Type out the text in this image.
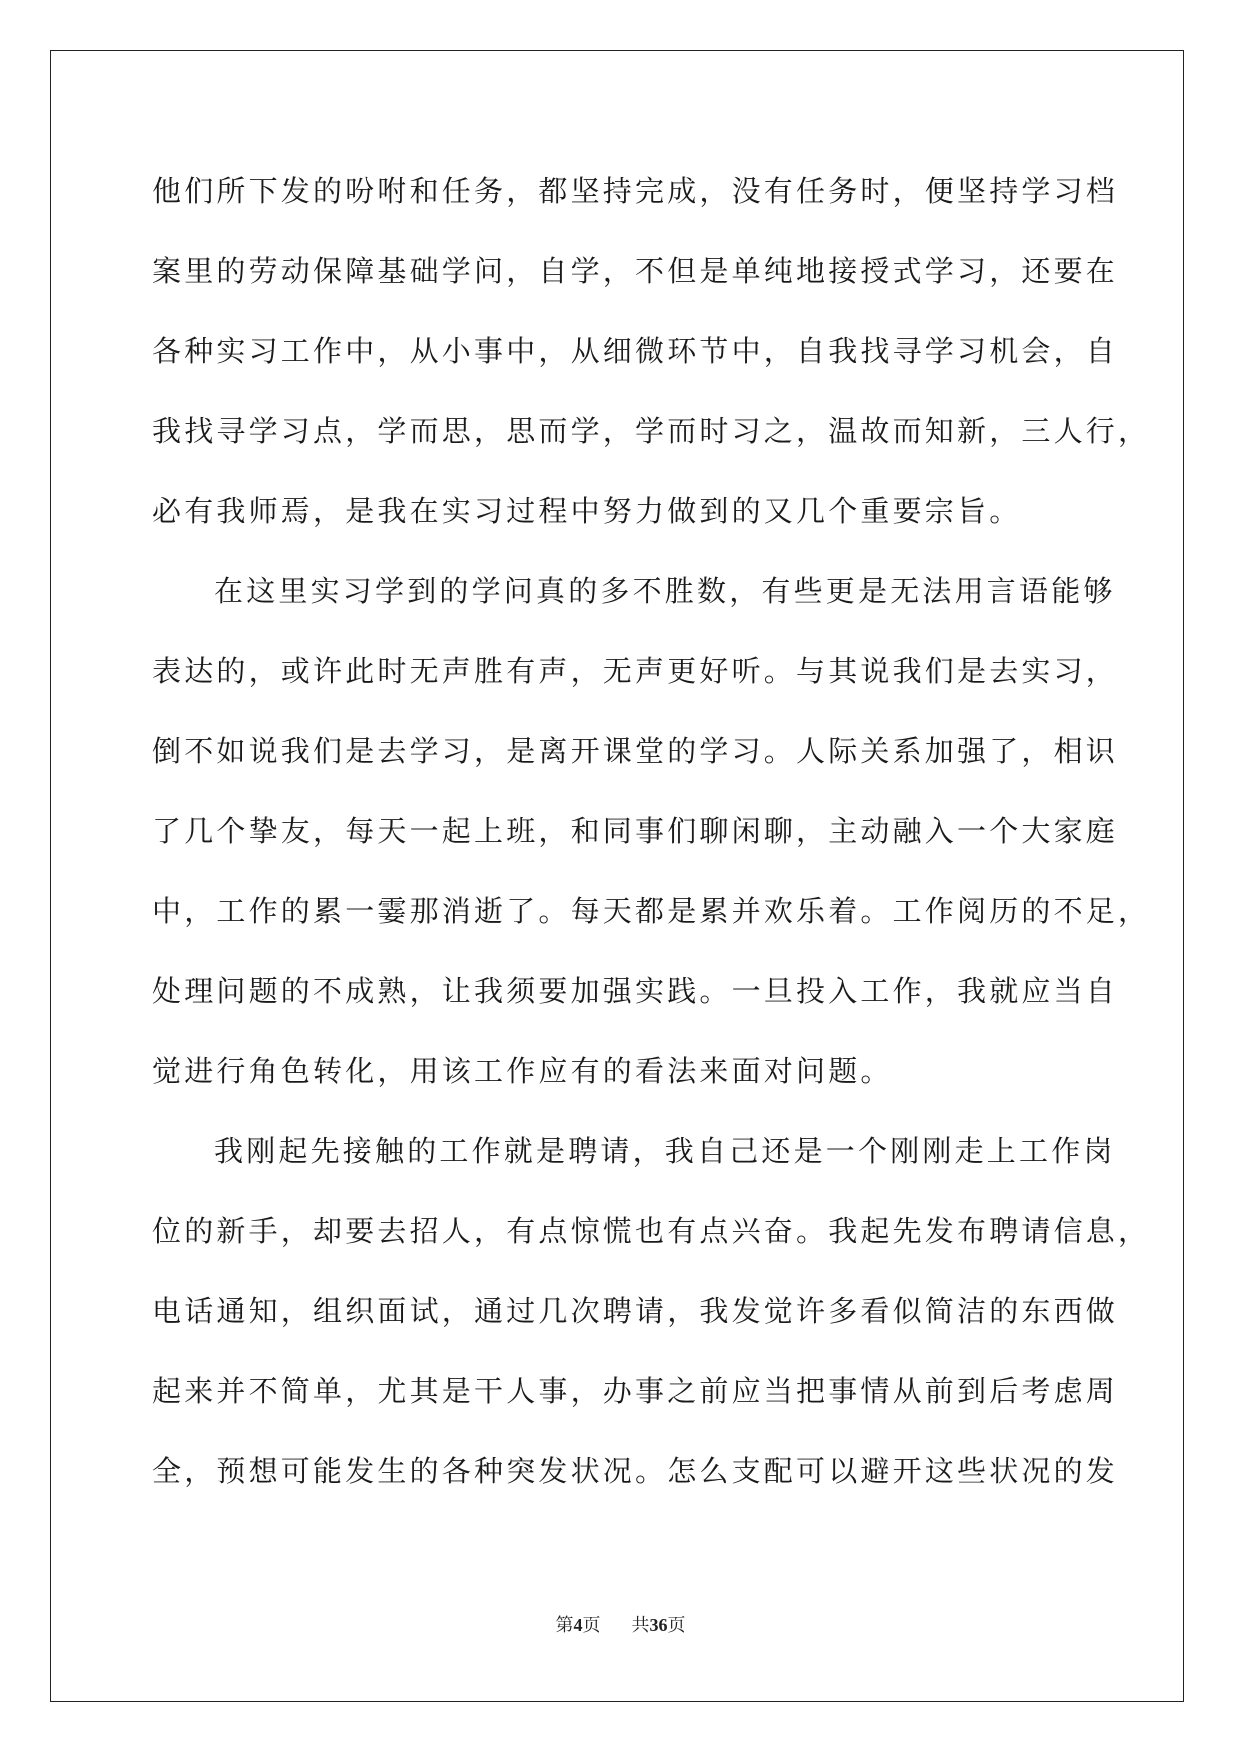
他们所下发的吩咐和任务，都坚持完成，没有任务时，便坚持学习档
案里的劳动保障基础学问，自学，不但是单纯地接授式学习，还要在
各种实习工作中，从小事中，从细微环节中，自我找寻学习机会，自
我找寻学习点，学而思，思而学，学而时习之，温故而知新，三人行，
必有我师焉，是我在实习过程中努力做到的又几个重要宗旨。
在这里实习学到的学问真的多不胜数，有些更是无法用言语能够
表达的，或许此时无声胜有声，无声更好听。与其说我们是去实习，
倒不如说我们是去学习，是离开课堂的学习。人际关系加强了，相识
了几个挚友，每天一起上班，和同事们聊闲聊，主动融入一个大家庭
中，工作的累一霎那消逝了。每天都是累并欢乐着。工作阅历的不足，
处理问题的不成熟，让我须要加强实践。一旦投入工作，我就应当自
觉进行角色转化，用该工作应有的看法来面对问题。
我刚起先接触的工作就是聘请，我自己还是一个刚刚走上工作岗
位的新手，却要去招人，有点惊慌也有点兴奋。我起先发布聘请信息，
电话通知，组织面试，通过几次聘请，我发觉许多看似简洁的东西做
起来并不简单，尤其是干人事，办事之前应当把事情从前到后考虑周
全，预想可能发生的各种突发状况。怎么支配可以避开这些状况的发
第4页 共36页
